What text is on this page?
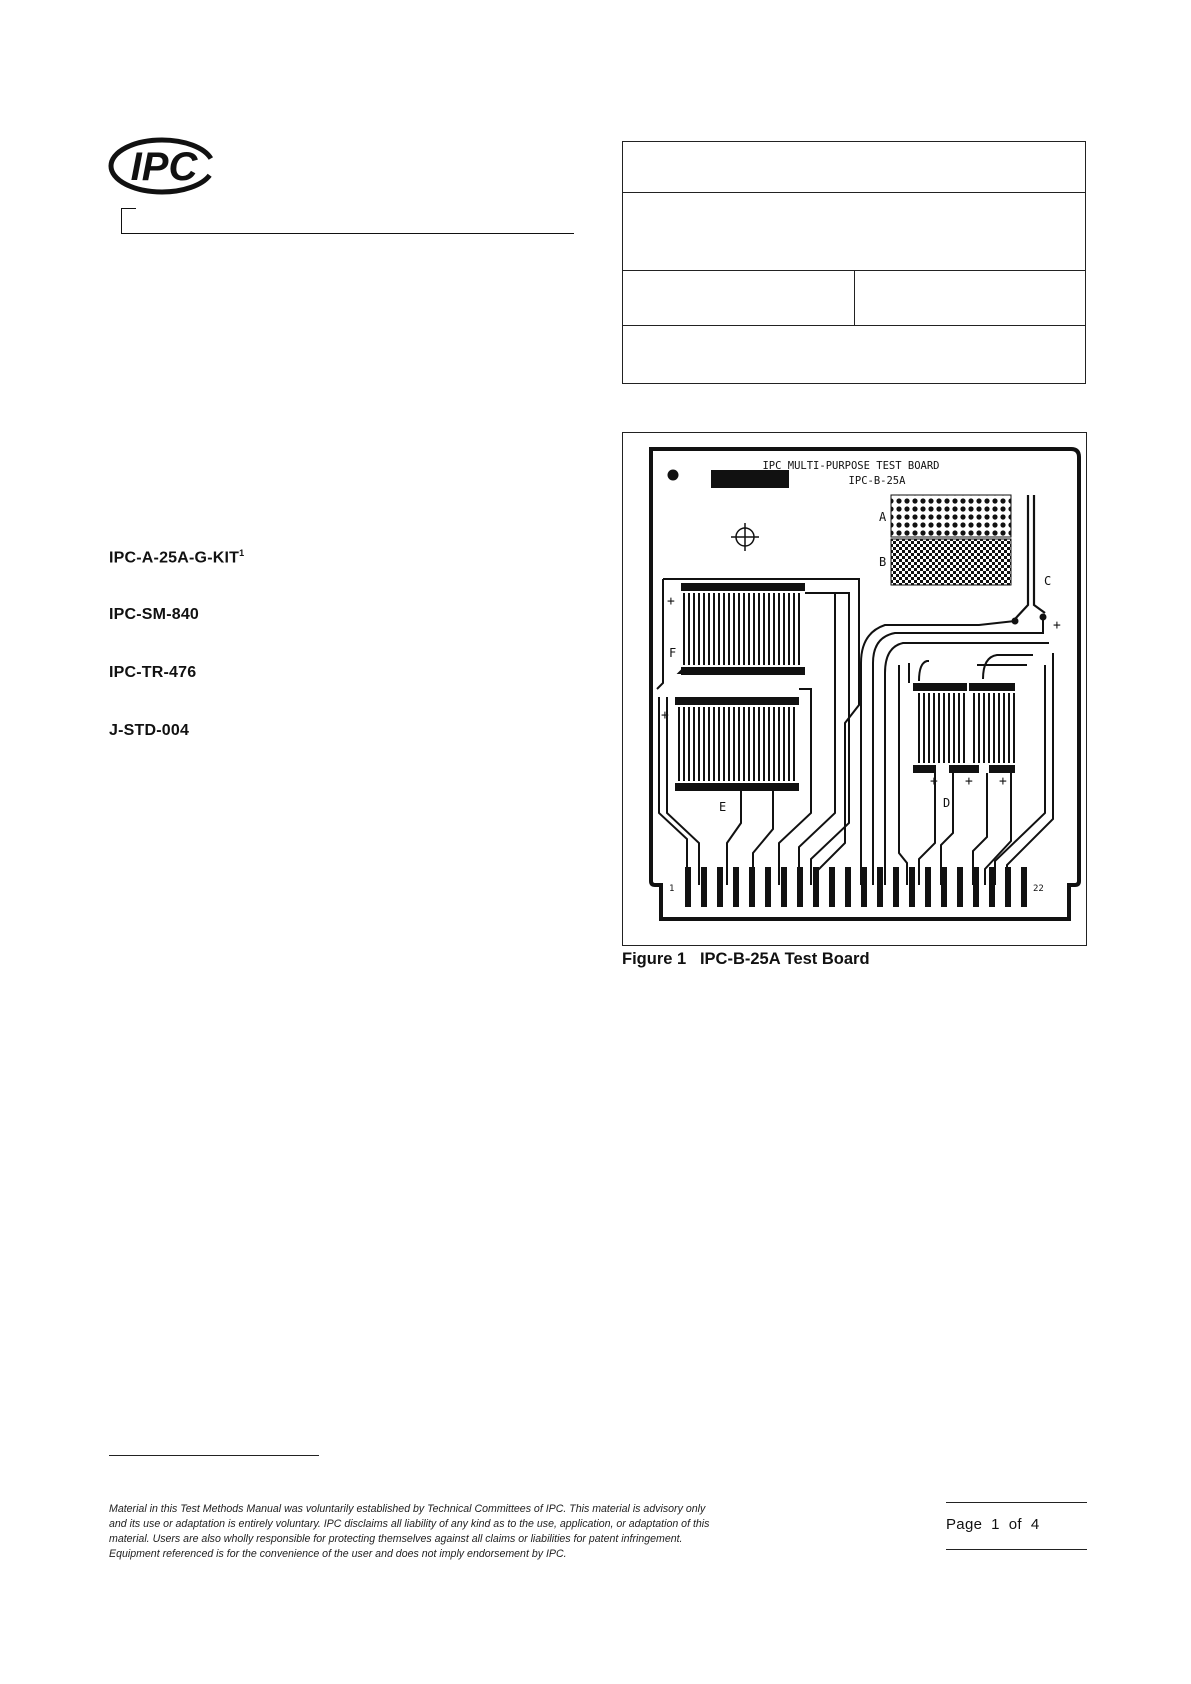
IPC
IPC-A-25A-G-KIT$^1$
IPC-SM-840
IPC-TR-476
J-STD-004
IPC MULTI-PURPOSE TEST BOARD
IPC-B-25A
A
B
C
+
+
F
+
E
+ + +
D
1	22
Figure 1 IPC-B-25A Test Board
Material in this Test Methods Manual was voluntarily established by Technical Committees of IPC. This material is advisory only
and its use or adaptation is entirely voluntary. IPC disclaims all liability of any kind as to the use, application, or adaptation of this
material. Users are also wholly responsible for protecting themselves against all claims or liabilities for patent infringement.
Equipment referenced is for the convenience of the user and does not imply endorsement by IPC.
Page 1 of 4
